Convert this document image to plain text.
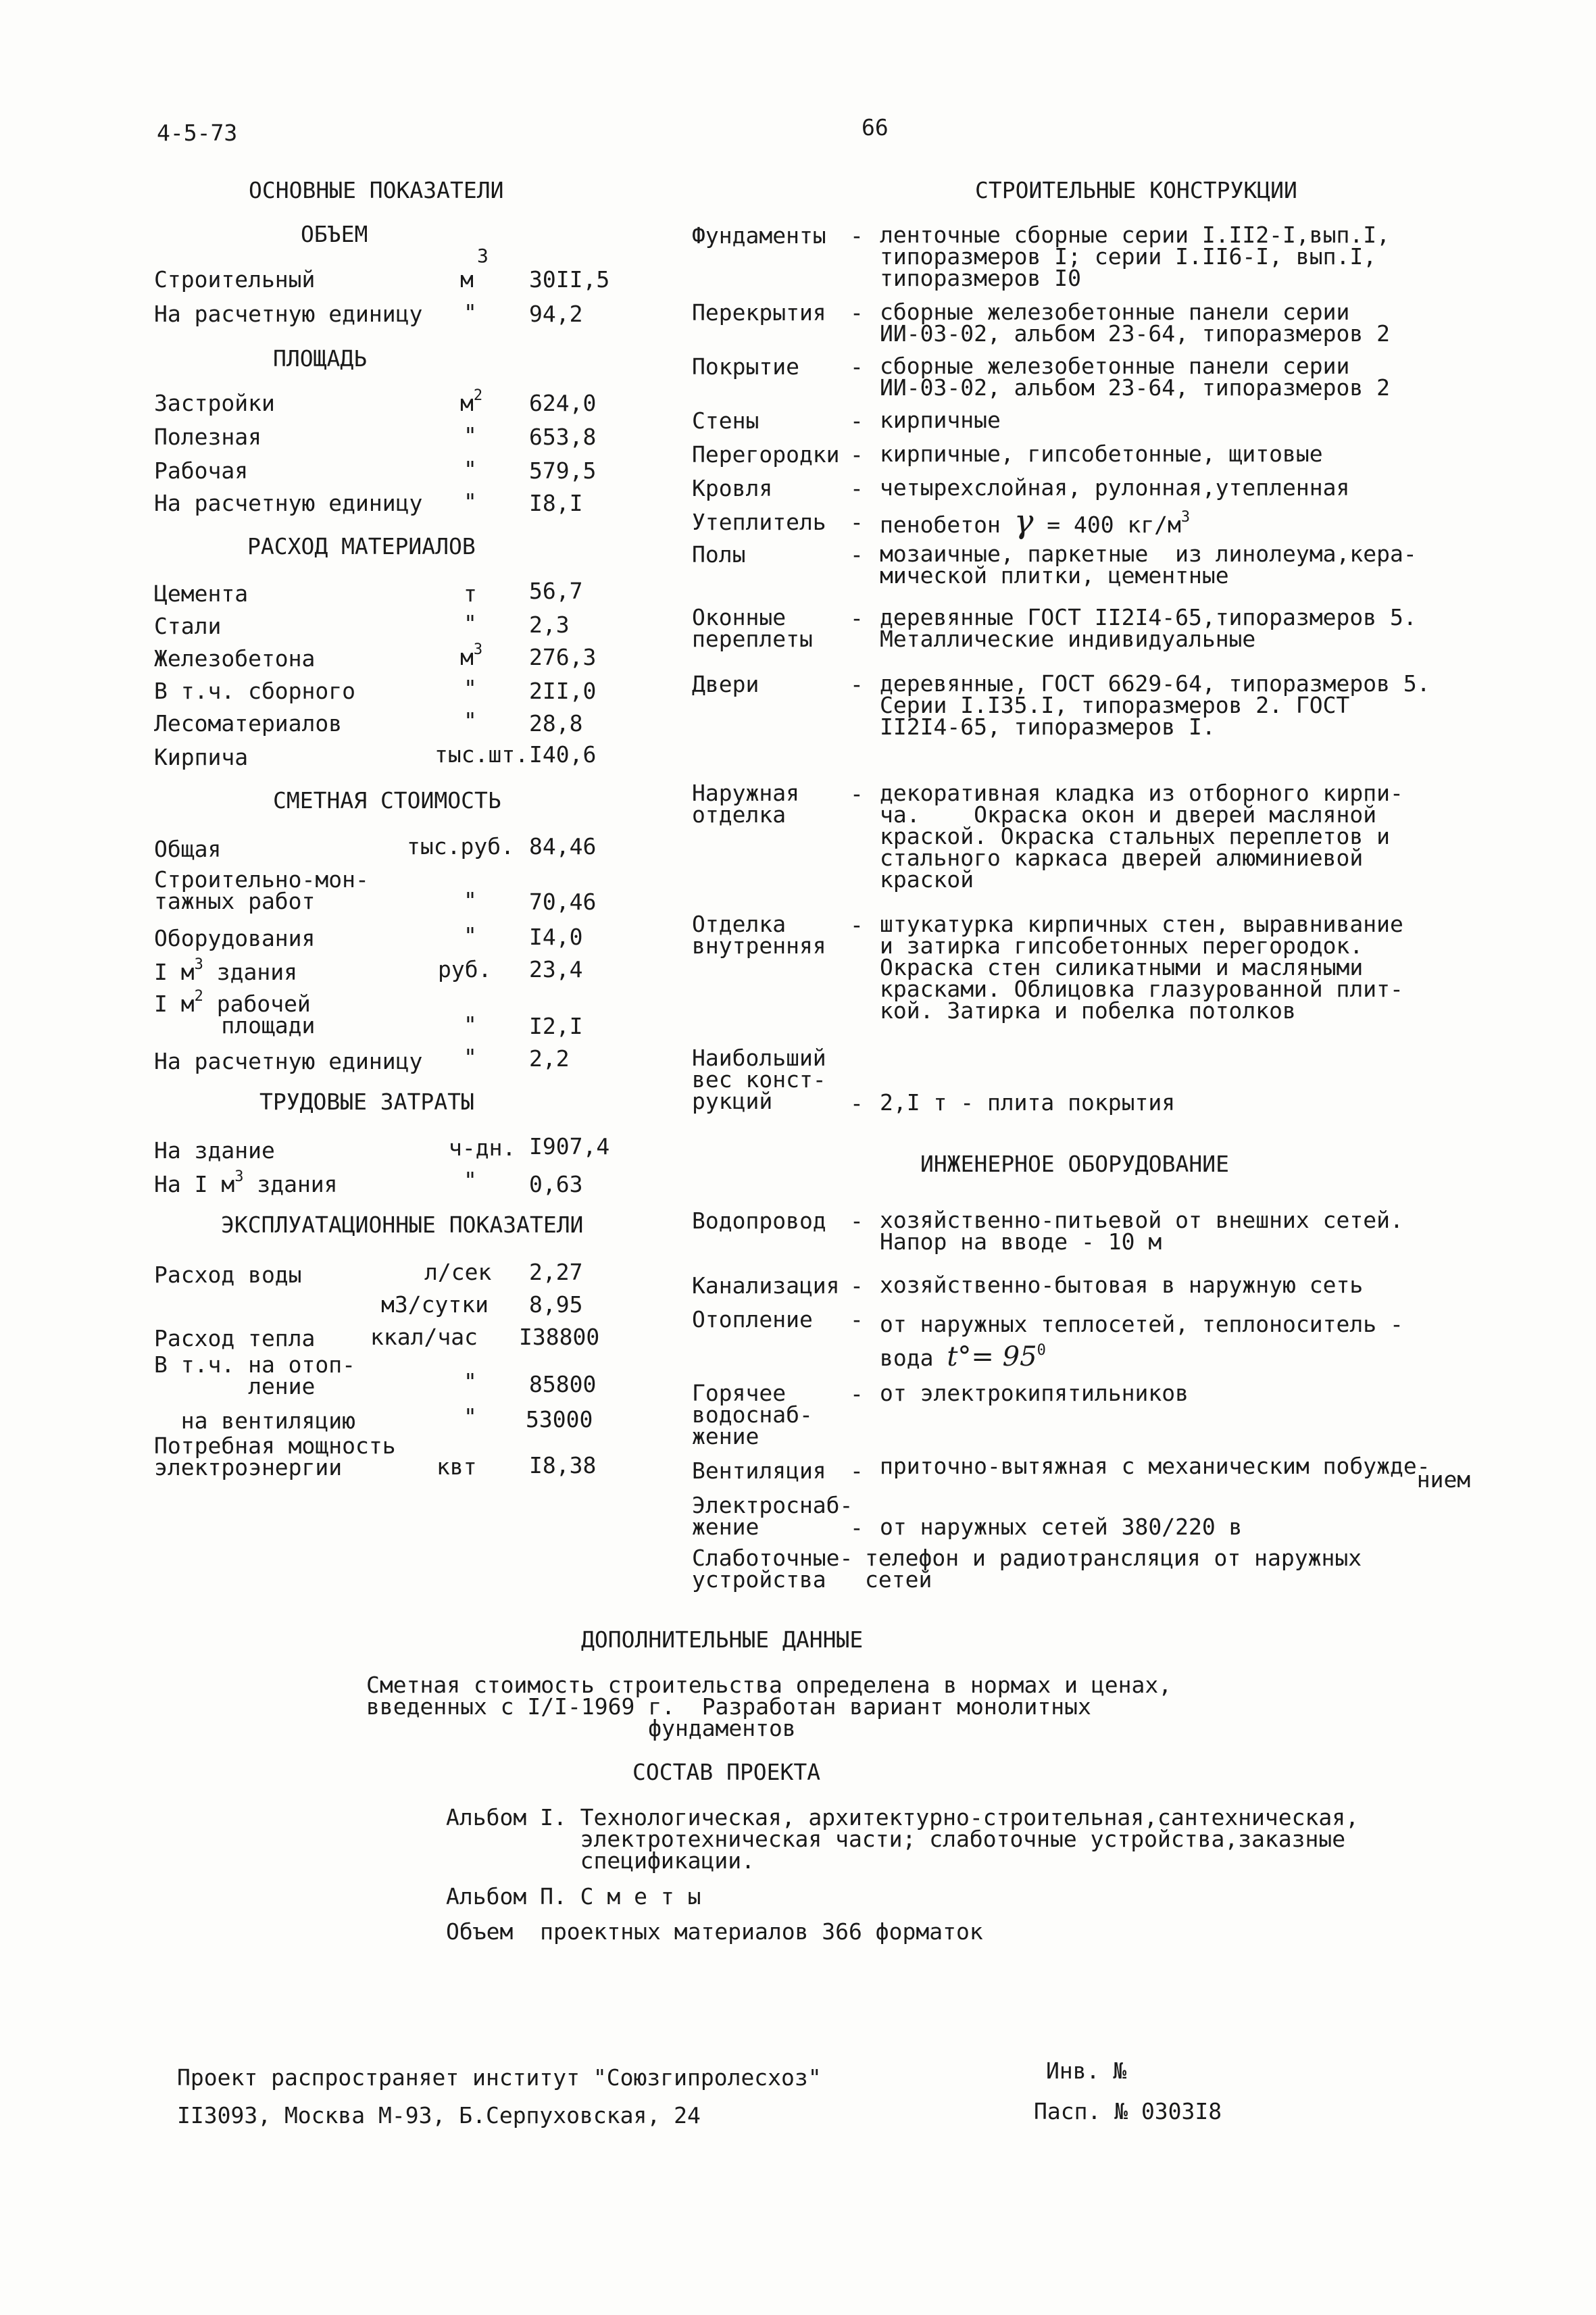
4-5-73	66
ОСНОВНЫЕ ПОКАЗАТЕЛИ
ОБЪЕМ
3
Строительный	м 30II,5
На расчетную единицу " 94,2
ПЛОЩАДЬ
Застройки	$м^2$ 624,0
Полезная	" 653,8
Рабочая	" 579,5
На расчетную единицу " I8,I
РАСХОД МАТЕРИАЛОВ
Цемента	т 56,7
Стали	" 2,3
Железобетона	$м^3$ 276,3
В т.ч. сборного	" 2II,0
Лесоматериалов	" 28,8
Кирпича	тыс.шт. I40,6
СМЕТНАЯ СТОИМОСТЬ
Общая	тыс.руб. 84,46
Строительно-мон-
тажных работ	" 70,46
Оборудования	" I4,0
I $м^3$ здания	руб. 23,4
I $м^2$ рабочей
площади	" I2,I
На расчетную единицу " 2,2
ТРУДОВЫЕ ЗАТРАТЫ
На здание	ч-дн. I907,4
На I $м^3$ здания	" 0,63
ЭКСПЛУАТАЦИОННЫЕ ПОКАЗАТЕЛИ
Расход воды	л/сек 2,27
м3/сутки 8,95
Расход тепла ккал/час I38800
В т.ч. на отоп-
ление	" 85800
на вентиляцию	" 53000
Потребная мощность
электроэнергии	квт I8,38
СТРОИТЕЛЬНЫЕ КОНСТРУКЦИИ
Фундаменты - ленточные сборные серии I.II2-I,вып.I,
типоразмеров I; серии I.II6-I, вып.I,
типоразмеров I0
Перекрытия - сборные железобетонные панели серии
ИИ-03-02, альбом 23-64, типоразмеров 2
Покрытие - сборные железобетонные панели серии
ИИ-03-02, альбом 23-64, типоразмеров 2
Стены	- кирпичные
Перегородки - кирпичные, гипсобетонные, щитовые
Кровля	- четырехслойная, рулонная,утепленная
Утеплитель - пенобетон γ = 400 $кг/м^3$
Полы	- мозаичные, паркетные  из линолеума,кера-
мической плитки, цементные
Оконные
переплеты
- деревянные ГОСТ II2I4-65,типоразмеров 5.
Металлические индивидуальные
Двери	- деревянные, ГОСТ 6629-64, типоразмеров 5.
Серии I.I35.I, типоразмеров 2. ГОСТ
II2I4-65, типоразмеров I.
Наружная
отделка
- декоративная кладка из отборного кирпи-
ча.    Окраска окон и дверей масляной
краской. Окраска стальных переплетов и
стального каркаса дверей алюминиевой
краской
Отделка
внутренняя
- штукатурка кирпичных стен, выравнивание
и затирка гипсобетонных перегородок.
Окраска стен силикатными и масляными
красками. Облицовка глазурованной плит-
кой. Затирка и побелка потолков
Наибольший
вес конст-
рукций	- 2,I т - плита покрытия
ИНЖЕНЕРНОЕ ОБОРУДОВАНИЕ
Водопровод - хозяйственно-питьевой от внешних сетей.
Напор на вводе - 10 м
Канализация - хозяйственно-бытовая в наружную сеть
Отопление - от наружных теплосетей, теплоноситель -
вода $t^\circ= 95^0$
Горячее
водоснаб-
жение
- от электрокипятильников
Вентиляция - приточно-вытяжная с механическим побужде-
нием
Электроснаб-
жение	- от наружных сетей 380/220 в
Слаботочные-
устройства
телефон и радиотрансляция от наружных
сетей
ДОПОЛНИТЕЛЬНЫЕ ДАННЫЕ
Сметная стоимость строительства определена в нормах и ценах,
введенных с I/I-1969 г.  Разработан вариант монолитных
фундаментов
СОСТАВ ПРОЕКТА
Альбом I. Технологическая, архитектурно-строительная,сантехническая,
электротехническая части; слаботочные устройства,заказные
спецификации.
Альбом П. С м е т ы
Объем  проектных материалов 366 форматок
Проект распространяет институт "Союзгипролесхоз"
II3093, Москва М-93, Б.Серпуховская, 24
Инв. №
Пасп. № 0303I8
